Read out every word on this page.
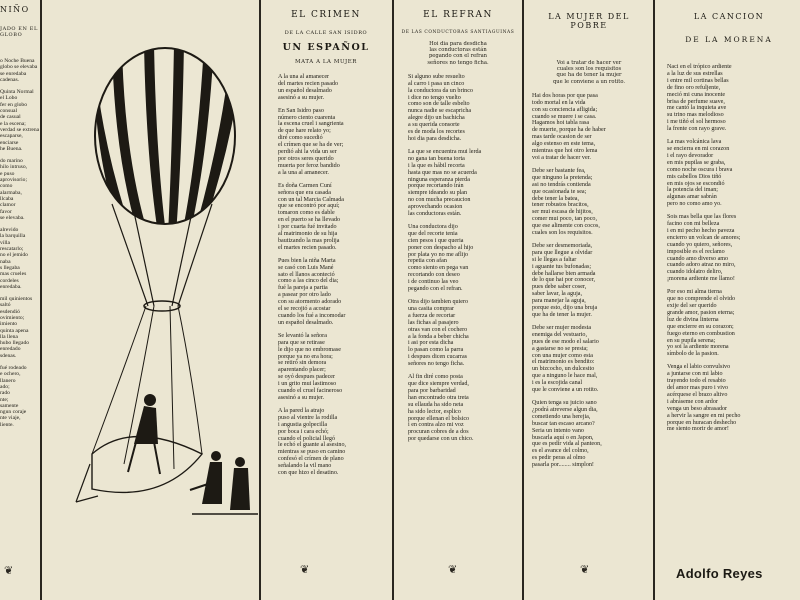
NIÑO
JADO EN EL GLOBO
o Noche Buena
globo se elevaba
se enredaba
cadenas.
Quinta Normal
el Lobo
fer en globo
consual
de casual
e la escena;
verdad se extrena
escaparse,
enciarse
he Buena.
do marino
hilo intruso,
e puso
aprovisorio;
como
alarmaba,
llcaba
clamor
favor
se elevaba.
alrevido
la barquilla
villa
rescatarlo;
no el jemido
naba
s llegaba
mas crueles
cordeles
enredaba.
mil quinientos
saltó
esdendió
ovimiento;
imiento
quinta apena
lla llena
hubo llegado
enredado
sdenas.
fué rodeado
e ochero,
llanero
ado;
rado
nte;
samente
ngun coraje
nte viaje,
liente.
❦
EL CRIMEN
DE LA CALLE SAN ISIDRO
UN ESPAÑOL
MATA A LA MUJER
A la una al amanecer
del martes recien pasado
un español desalmado
asesinó a su mujer.
En San Isidro paso
número ciento cuarenta
la escena cruel i sangrienta
de que hare relato yo;
diré como sucedió
el crímen que se ha de ver;
perdió ahi la vida un ser
por otros seres querido
muerta por feroz bandido
a la una al amanecer.
Es doña Carmen Cuní
señora que era casada
con un tal Marcia Calmada
que se encontró por aquí;
tomaron como es dable
en el puerto se ha llevado
i por cuarta fué invitado
al matrimonio de su hija
bautizando la mas prolija
el martes recien pasado.
Pues bien la niña Marta
se casó con Luis Mané
sato el llanos aconteció
como a las cinco del dia;
fué la pareja a partia
a pasear por otro lado
con su atormento adorado
el se recojió a acostar
cuando los fué a incomodar
un español desalmado.
Se levantó la señora
para que se retirase
le dijo que no embromase
porque ya no era hora;
se retiró sin demora
aparentando placer;
se oyó despues padecer
i un grito mui lastimoso
cuando el cruel facineroso
asesinó a su mujer.
A la pared la atrajo
puso al vientre la rodilla
i angustia golpecilla
por boca i cara echó;
cuando el policial llegó
le echó el guante al asesino,
mientras se puso en camino
confesó el crímen de plano
señalando la vil mano
con que hizo el desatino.
❦
EL REFRAN
DE LAS CONDUCTORAS SANTIAGUINAS
Hoi dia para desdicha
las conductoras están
pegando con el refran
señores no tengo ficha.
Si alguno sube resuelto
al carro i pasa un cinco
la conductora da un brinco
i dice no tengo vuelto
como son de talle esbelto
nunca nadie se escapricha
alegre dijo un bachicha
a su querida consorte
es de moda los recortes
hoi dia para desdicha.
La que se encuentra mui lerda
no gana tan buena torta
i la que es hábil recorta
hasta que mas no se acuerda
ninguna esperanza pierda
porque recortando irán
siempre ideando su plan
no con mucha precaucion
aprovechando ocasion
las conductoras están.
Una conductora dijo
que del recorte tenia
cien pesos i que queria
poner con despacho al hijo
por plata yo no me aflijo
repetia con afan
como siento en pega van
recortando con deseo
i de continuo las veo
pegando con el refran.
Otra dijo tambien quiero
una casita comprar
a fuerza de recortar
las fichas al pasajero
otras van con el cochero
a la fonda a beber chicha
i asi por esta dicha
lo pasan como la parra
i despues dicen cucarras
señores no tengo ficha.
Al fin diré como posta
que dice siempre verdad,
para por barbaridad
han encontrado otra treta
su ellauda ha sido neta
ha sido lector, esplico
porque ellenan el bolsico
i en contra alzo mi voz
procuran cobres de a dos
por quedarse con un chico.
❦
LA MUJER DEL POBRE
Voi a tratar de hacer ver
cuales son los requisitos
que ha de tener la mujer
que le conviene a un rotito.
Hai dos horas por que pasa
todo mortal en la vida
con su conciencia afligida;
cuando se muere i se casa.
Hagamos hoi tabla rasa
de muerte, porque ha de haber
mas tarde ocasion de ser
algo estenso en este tema,
mientras que hoi otro lema
voi a tratar de hacer ver.
Debe ser bastante fea,
que ninguno la pretenda;
asi no tendrás contienda
que ocasionada te sea;
debe tener la batea,
tener robustos bracitos,
ser mui escasa de hijitos,
comer mui poco, tan poco,
que ese alimente con cocos,
cuales son los requisitos.
Debe ser desmemoriada,
para que llegue a olvidar
si le llegas a faltar
i aguante tus bufonadas;
debe hallarse bien armada
de lo que hai por conocer,
pues debe saber coser,
saber lavar, la aguja,
para manejar la aguja,
porque esto, dijo una bruja
que ha de tener la mujer.
Debe ser mujer modesta
enemiga del vestuario,
pues de ese modo el salario
a gastarse no se presta;
con una mujer como esta
el matrimonio es bendito:
un bizcocho, un dulcesito
que a ninguno le hace mal,
i es la escojida canal
que le conviene a un rotito.
Quien tenga su juicio sano
¿podrá atreverse algun dia,
cometiendo una herejia,
buscar tan escaso arcano?
Seria un intento vano
buscarla aquí o en Japon,
que es pedir vida al panteon,
es el avance del colmo,
es pedir peras al olmo
pasarla por........ simplon!
❦
LA CANCION
DE LA MORENA
Naci en el trópico ardiente
a la luz de sus estrellas
i entre mil cortinas bellas
de fino oro refuljente,
meció mi cuna inocente
brisa de perfume suave,
me cantó la inquieta ave
su trino mas melodioso
i me tiñó el sol hermoso
la frente con rayo grave.
La mas volcánica lava
se encierra en mi corazon
i el rayo devorador
en mis pupilas se graba,
como noche oscura i brava
mis cabellos Dios tiñó
en mis ojos se escondió
la potencia del iman;
algunas amar sabrán
pero no como amo yo.
Sois mas bella que las flores
facino con mi belleza
i en mi pecho hecho paveza
encierro un volcan de amores;
cuando yo quiero, señores,
imposible es el reclamo
cuando amo diverso amo
cuando adoro atraz no miro,
cuando idolatro deliro,
¡morena ardiente me llamo!
Por eso mi alma tierna
que no comprende el olvido
exije del ser querido
grande amor, pasion eterna;
luz de divina linterna
que encierre en su corazon;
fuego eterno en combustion
en su pupila serena;
yo soi la ardiente morena
símbolo de la pasion.
Venga el labio convulsivo
a juntarse con mi labio
trayendo todo el resabio
del amor mas puro i vivo
acérquese el brazo altivo
i abráseme con ardor
venga un beso abrasador
a hervir la sangre en mi pecho
porque en huracan deshecho
me siento morir de amor!
Adolfo Reyes
